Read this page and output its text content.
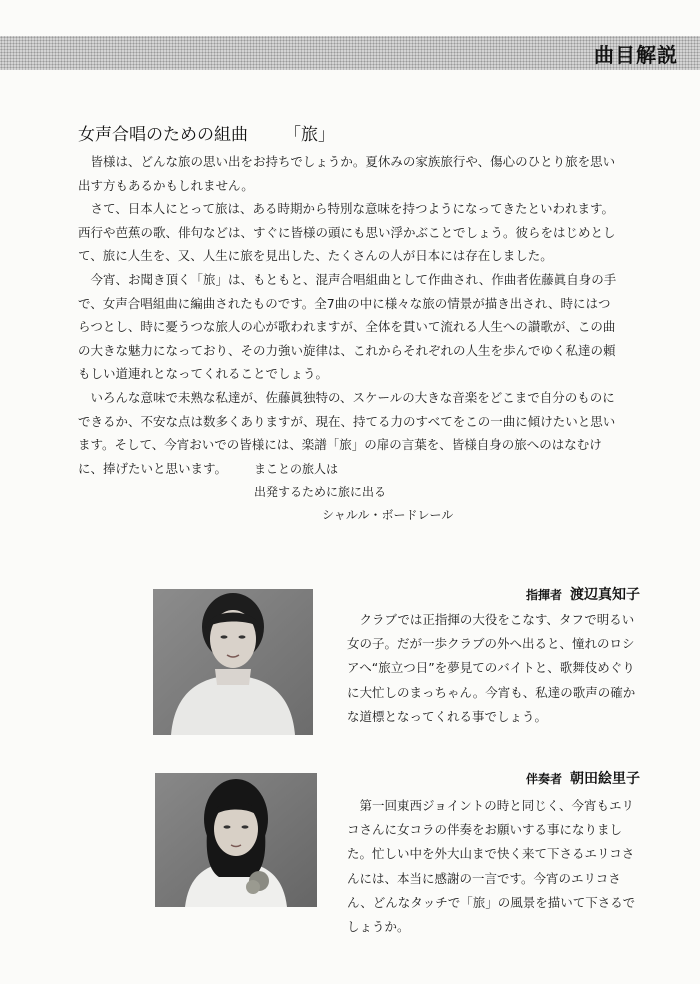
曲目解説
女声合唱のための組曲 「旅」

皆様は、どんな旅の思い出をお持ちでしょうか。夏休みの家族旅行や、傷心のひとり旅を思い出す方もあるかもしれません。

さて、日本人にとって旅は、ある時期から特別な意味を持つようになってきたといわれます。西行や芭蕉の歌、俳句などは、すぐに皆様の頭にも思い浮かぶことでしょう。彼らをはじめとして、旅に人生を、又、人生に旅を見出した、たくさんの人が日本には存在しました。

今宵、お聞き頂く「旅」は、もともと、混声合唱組曲として作曲され、作曲者佐藤眞自身の手で、女声合唱組曲に編曲されたものです。全7曲の中に様々な旅の情景が描き出され、時にはつらつとし、時に憂うつな旅人の心が歌われますが、全体を貫いて流れる人生への讃歌が、この曲の大きな魅力になっており、その力強い旋律は、これからそれぞれの人生を歩んでゆく私達の頼もしい道連れとなってくれることでしょう。

いろんな意味で未熟な私達が、佐藤眞独特の、スケールの大きな音楽をどこまで自分のものにできるか、不安な点は数多くありますが、現在、持てる力のすべてをこの一曲に傾けたいと思います。そして、今宵おいでの皆様には、楽譜「旅」の扉の言葉を、皆様自身の旅へのはなむけに、捧げたいと思います。	まことの旅人は
出発するために旅に出る
シャルル・ボードレール
指揮者 渡辺真知子

クラブでは正指揮の大役をこなす、タフで明るい女の子。だが一歩クラブの外へ出ると、憧れのロシアへ“旅立つ日”を夢見てのバイトと、歌舞伎めぐりに大忙しのまっちゃん。今宵も、私達の歌声の確かな道標となってくれる事でしょう。

伴奏者 朝田絵里子

第一回東西ジョイントの時と同じく、今宵もエリコさんに女コラの伴奏をお願いする事になりました。忙しい中を外大山まで快く来て下さるエリコさんには、本当に感謝の一言です。今宵のエリコさん、どんなタッチで「旅」の風景を描いて下さるでしょうか。
